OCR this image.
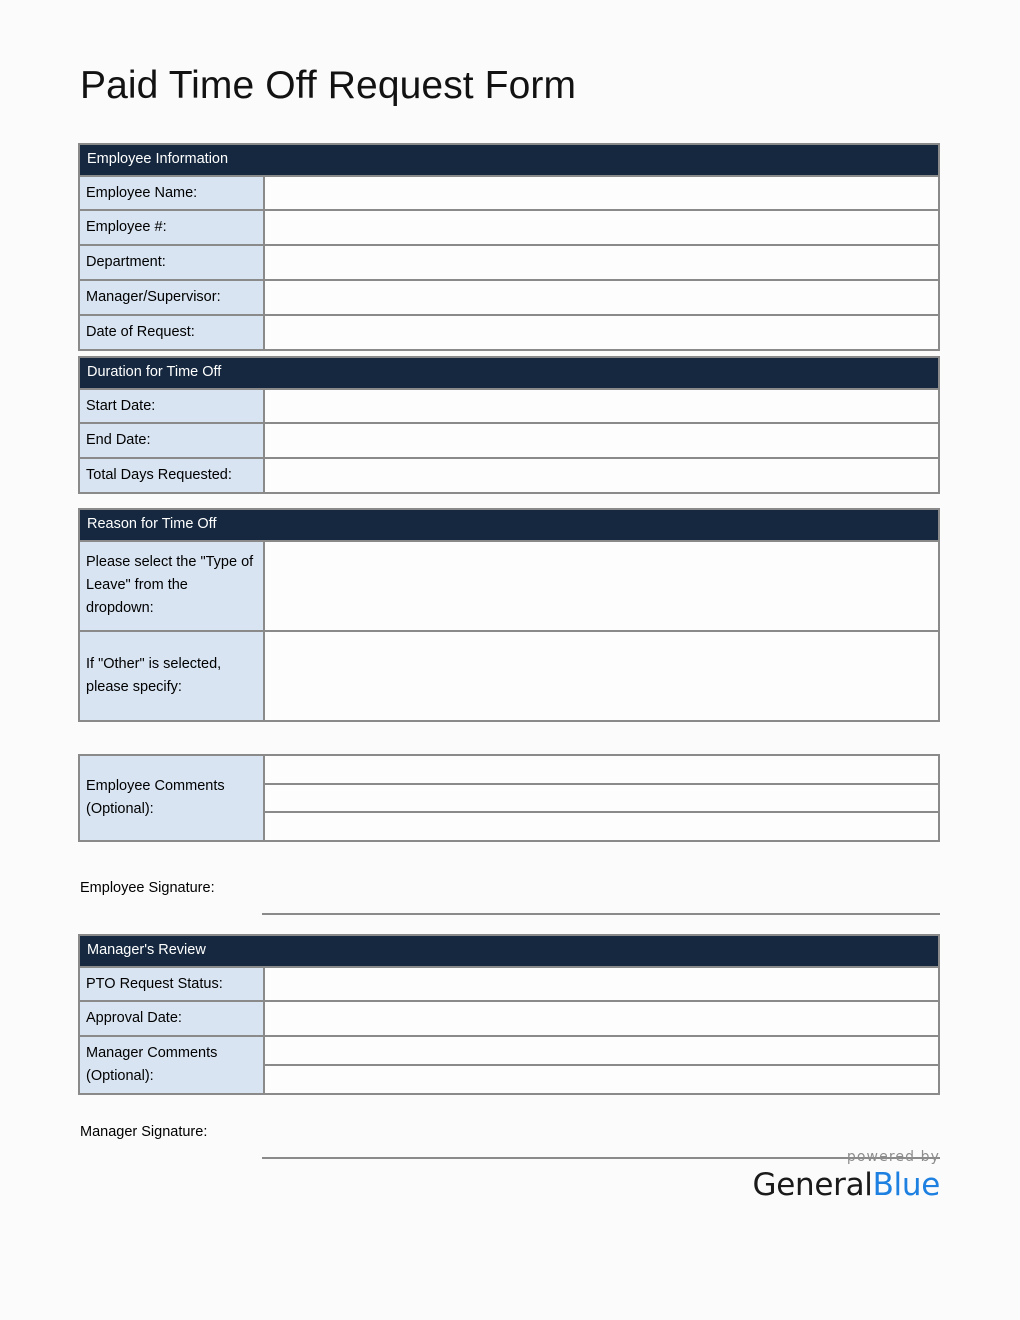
Paid Time Off Request Form
Employee Information
Employee Name:
Employee #:
Department:
Manager/Supervisor:
Date of Request:
Duration for Time Off
Start Date:
End Date:
Total Days Requested:
Reason for Time Off
Please select the "Type of Leave" from the dropdown:
If "Other" is selected, please specify:
Employee Comments (Optional):
Employee Signature:
Manager's Review
PTO Request Status:
Approval Date:
Manager Comments (Optional):
Manager Signature:
powered by
GeneralBlue
